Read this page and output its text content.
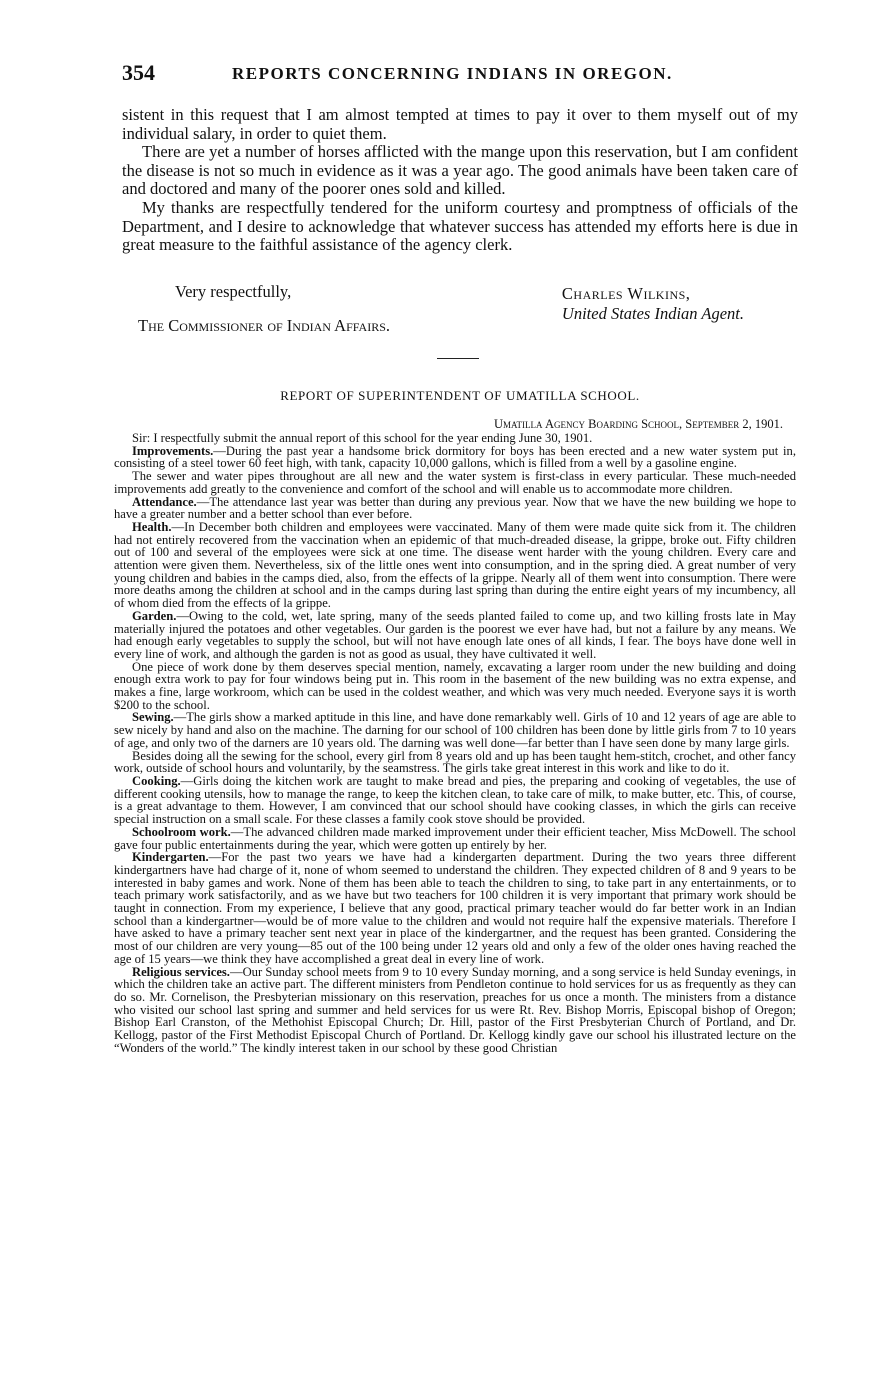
354	REPORTS CONCERNING INDIANS IN OREGON.

sistent in this request that I am almost tempted at times to pay it over to them myself out of my individual salary, in order to quiet them.

There are yet a number of horses afflicted with the mange upon this reservation, but I am confident the disease is not so much in evidence as it was a year ago. The good animals have been taken care of and doctored and many of the poorer ones sold and killed.

My thanks are respectfully tendered for the uniform courtesy and promptness of officials of the Department, and I desire to acknowledge that whatever success has attended my efforts here is due in great measure to the faithful assistance of the agency clerk.

Very respectfully,	Charles Wilkins,
United States Indian Agent.
The Commissioner of Indian Affairs.
REPORT OF SUPERINTENDENT OF UMATILLA SCHOOL.
Umatilla Agency Boarding School, September 2, 1901.

Sir: I respectfully submit the annual report of this school for the year ending June 30, 1901.

Improvements.—During the past year a handsome brick dormitory for boys has been erected and a new water system put in, consisting of a steel tower 60 feet high, with tank, capacity 10,000 gallons, which is filled from a well by a gasoline engine.

The sewer and water pipes throughout are all new and the water system is first-class in every particular. These much-needed improvements add greatly to the convenience and comfort of the school and will enable us to accommodate more children.

Attendance.—The attendance last year was better than during any previous year. Now that we have the new building we hope to have a greater number and a better school than ever before.

Health.—In December both children and employees were vaccinated. Many of them were made quite sick from it. The children had not entirely recovered from the vaccination when an epidemic of that much-dreaded disease, la grippe, broke out. Fifty children out of 100 and several of the employees were sick at one time. The disease went harder with the young children. Every care and attention were given them. Nevertheless, six of the little ones went into consumption, and in the spring died. A great number of very young children and babies in the camps died, also, from the effects of la grippe. Nearly all of them went into consumption. There were more deaths among the children at school and in the camps during last spring than during the entire eight years of my incumbency, all of whom died from the effects of la grippe.

Garden.—Owing to the cold, wet, late spring, many of the seeds planted failed to come up, and two killing frosts late in May materially injured the potatoes and other vegetables. Our garden is the poorest we ever have had, but not a failure by any means. We had enough early vegetables to supply the school, but will not have enough late ones of all kinds, I fear. The boys have done well in every line of work, and although the garden is not as good as usual, they have cultivated it well.

One piece of work done by them deserves special mention, namely, excavating a larger room under the new building and doing enough extra work to pay for four windows being put in. This room in the basement of the new building was no extra expense, and makes a fine, large workroom, which can be used in the coldest weather, and which was very much needed. Everyone says it is worth $200 to the school.

Sewing.—The girls show a marked aptitude in this line, and have done remarkably well. Girls of 10 and 12 years of age are able to sew nicely by hand and also on the machine. The darning for our school of 100 children has been done by little girls from 7 to 10 years of age, and only two of the darners are 10 years old. The darning was well done—far better than I have seen done by many large girls.

Besides doing all the sewing for the school, every girl from 8 years old and up has been taught hem-stitch, crochet, and other fancy work, outside of school hours and voluntarily, by the seamstress. The girls take great interest in this work and like to do it.

Cooking.—Girls doing the kitchen work are taught to make bread and pies, the preparing and cooking of vegetables, the use of different cooking utensils, how to manage the range, to keep the kitchen clean, to take care of milk, to make butter, etc. This, of course, is a great advantage to them. However, I am convinced that our school should have cooking classes, in which the girls can receive special instruction on a small scale. For these classes a family cook stove should be provided.

Schoolroom work.—The advanced children made marked improvement under their efficient teacher, Miss McDowell. The school gave four public entertainments during the year, which were gotten up entirely by her.

Kindergarten.—For the past two years we have had a kindergarten department. During the two years three different kindergartners have had charge of it, none of whom seemed to understand the children. They expected children of 8 and 9 years to be interested in baby games and work. None of them has been able to teach the children to sing, to take part in any entertainments, or to teach primary work satisfactorily, and as we have but two teachers for 100 children it is very important that primary work should be taught in connection. From my experience, I believe that any good, practical primary teacher would do far better work in an Indian school than a kindergartner—would be of more value to the children and would not require half the expensive materials. Therefore I have asked to have a primary teacher sent next year in place of the kindergartner, and the request has been granted. Considering the most of our children are very young—85 out of the 100 being under 12 years old and only a few of the older ones having reached the age of 15 years—we think they have accomplished a great deal in every line of work.

Religious services.—Our Sunday school meets from 9 to 10 every Sunday morning, and a song service is held Sunday evenings, in which the children take an active part. The different ministers from Pendleton continue to hold services for us as frequently as they can do so. Mr. Cornelison, the Presbyterian missionary on this reservation, preaches for us once a month. The ministers from a distance who visited our school last spring and summer and held services for us were Rt. Rev. Bishop Morris, Episcopal bishop of Oregon; Bishop Earl Cranston, of the Methohist Episcopal Church; Dr. Hill, pastor of the First Presbyterian Church of Portland, and Dr. Kellogg, pastor of the First Methodist Episcopal Church of Portland. Dr. Kellogg kindly gave our school his illustrated lecture on the “Wonders of the world.” The kindly interest taken in our school by these good Christian
